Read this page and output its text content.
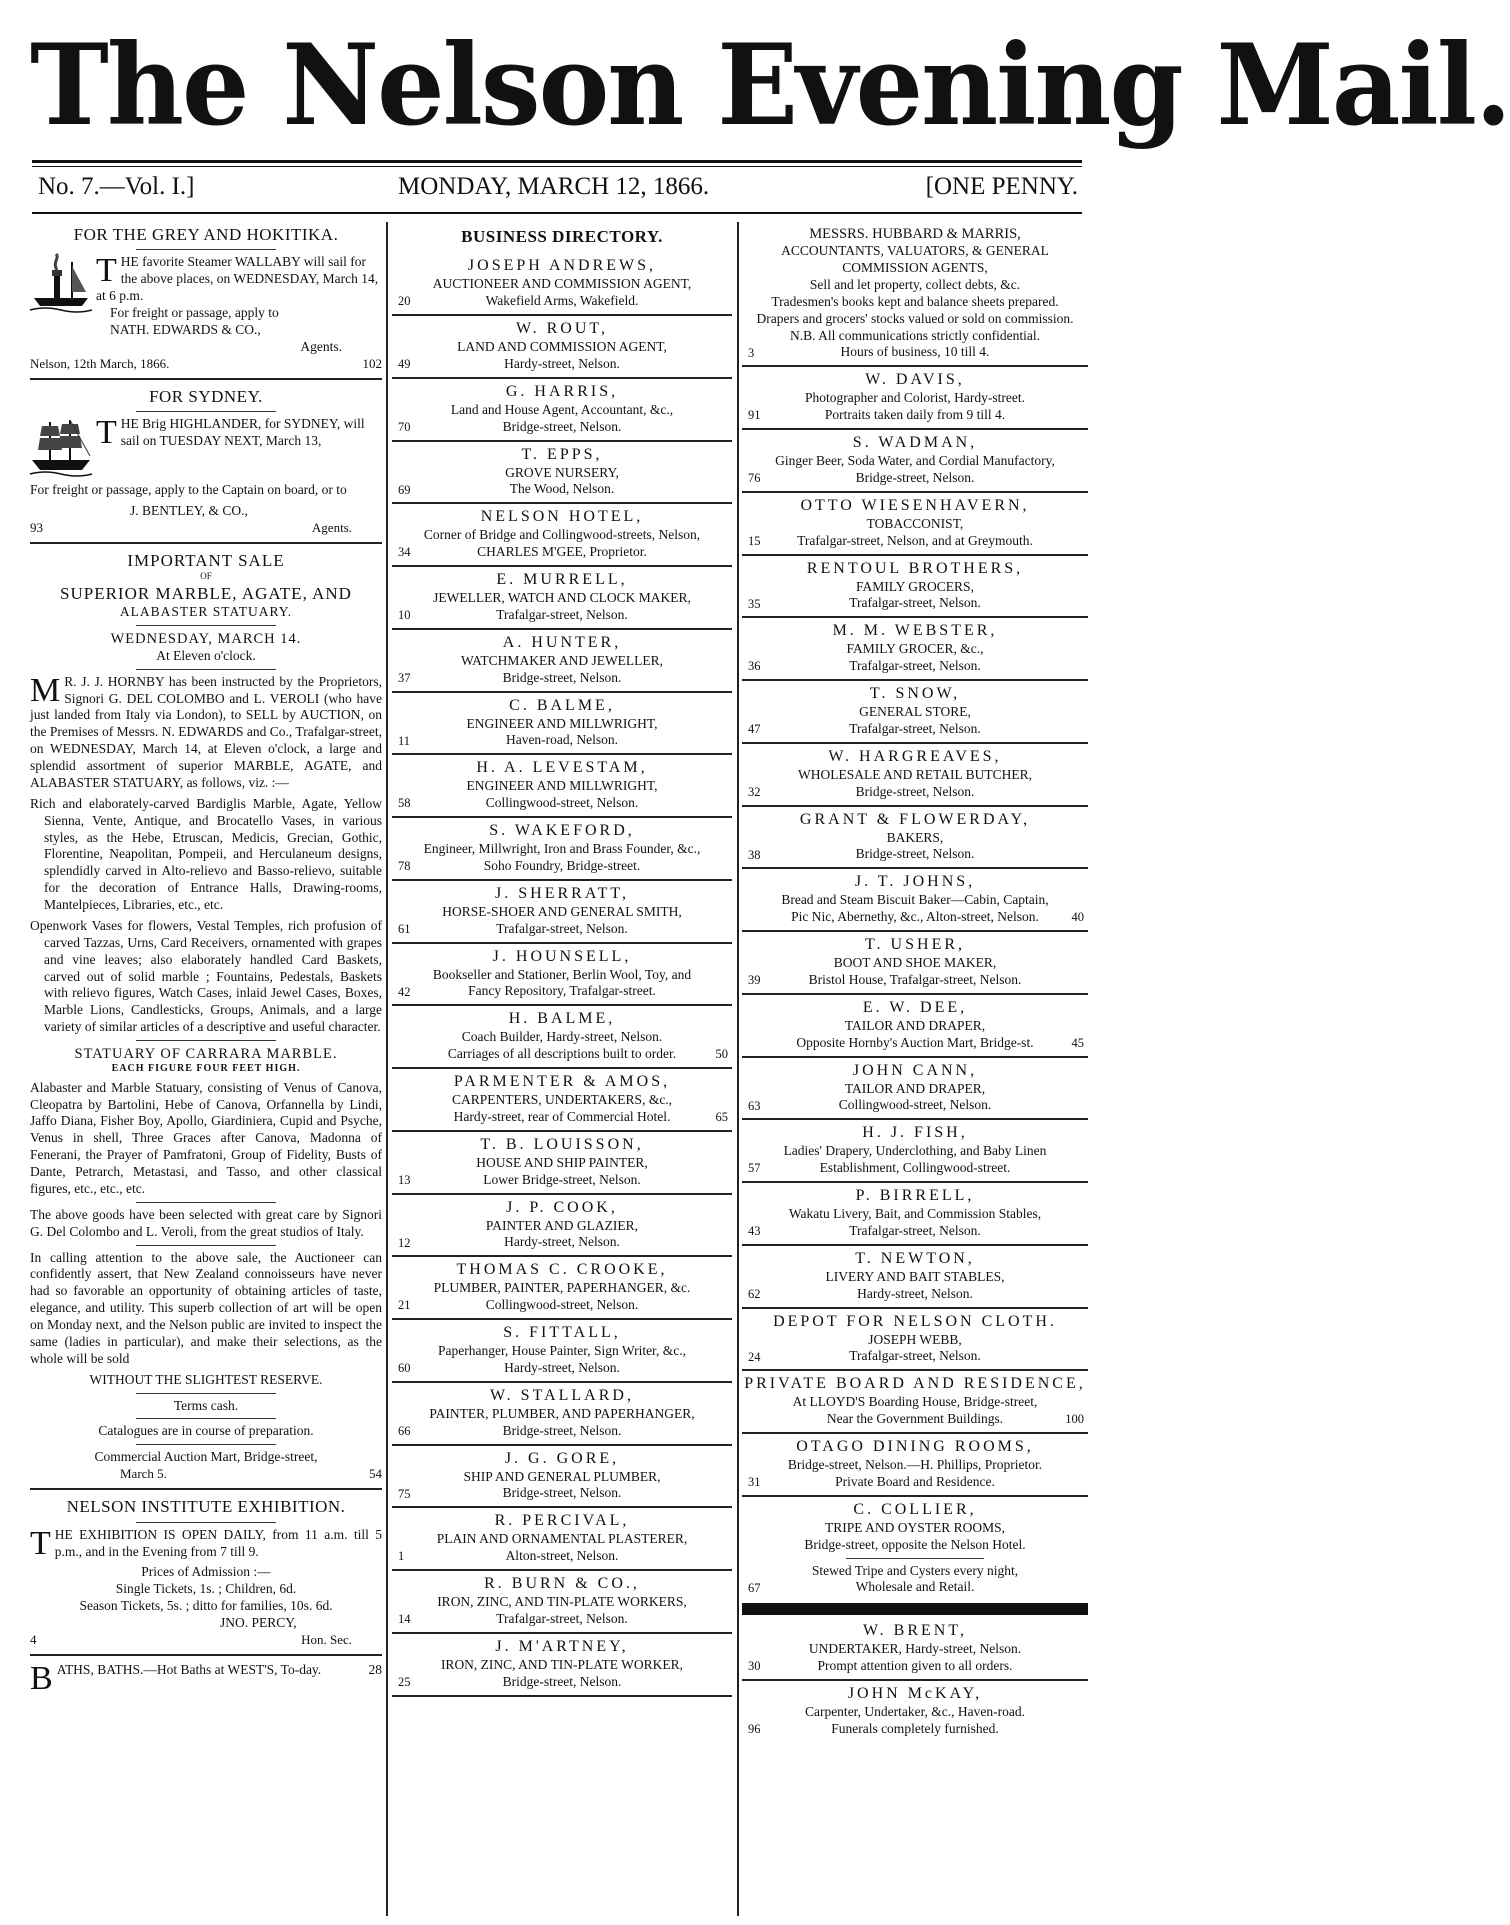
The Nelson Evening Mail.
No. 7.—Vol. I.]	MONDAY, MARCH 12, 1866.	[ONE PENNY.
FOR THE GREY AND HOKITIKA.
T HE favorite Steamer WALLABY will sail for the above places, on WEDNESDAY, March 14, at 6 p.m.
For freight or passage, apply to
NATH. EDWARDS & CO.,
Agents.
Nelson, 12th March, 1866.	102
FOR SYDNEY.
T HE Brig HIGHLANDER, for SYDNEY, will sail on TUESDAY NEXT, March 13,
For freight or passage, apply to the Captain on board, or to
J. BENTLEY, & CO.,
93	Agents.
IMPORTANT SALE
OF
SUPERIOR MARBLE, AGATE, AND
ALABASTER STATUARY.
WEDNESDAY, MARCH 14.
At Eleven o'clock.
M R. J. J. HORNBY has been instructed by the Proprietors, Signori G. DEL COLOMBO and L. VEROLI (who have just landed from Italy via London), to SELL by AUCTION, on the Premises of Messrs. N. EDWARDS and Co., Trafalgar-street, on WEDNESDAY, March 14, at Eleven o'clock, a large and splendid assortment of superior MARBLE, AGATE, and ALABASTER STATUARY, as follows, viz. :—
Rich and elaborately-carved Bardiglis Marble, Agate, Yellow Sienna, Vente, Antique, and Brocatello Vases, in various styles, as the Hebe, Etruscan, Medicis, Grecian, Gothic, Florentine, Neapolitan, Pompeii, and Herculaneum designs, splendidly carved in Alto-relievo and Basso-relievo, suitable for the decoration of Entrance Halls, Drawing-rooms, Mantelpieces, Libraries, etc., etc.
Openwork Vases for flowers, Vestal Temples, rich profusion of carved Tazzas, Urns, Card Receivers, ornamented with grapes and vine leaves; also elaborately handled Card Baskets, carved out of solid marble ; Fountains, Pedestals, Baskets with relievo figures, Watch Cases, inlaid Jewel Cases, Boxes, Marble Lions, Candlesticks, Groups, Animals, and a large variety of similar articles of a descriptive and useful character.
STATUARY OF CARRARA MARBLE.
EACH FIGURE FOUR FEET HIGH.
Alabaster and Marble Statuary, consisting of Venus of Canova, Cleopatra by Bartolini, Hebe of Canova, Orfannella by Lindi, Jaffo Diana, Fisher Boy, Apollo, Giardiniera, Cupid and Psyche, Venus in shell, Three Graces after Canova, Madonna of Fenerani, the Prayer of Pamfratoni, Group of Fidelity, Busts of Dante, Petrarch, Metastasi, and Tasso, and other classical figures, etc., etc., etc.
The above goods have been selected with great care by Signori G. Del Colombo and L. Veroli, from the great studios of Italy.
In calling attention to the above sale, the Auctioneer can confidently assert, that New Zealand connoisseurs have never had so favorable an opportunity of obtaining articles of taste, elegance, and utility. This superb collection of art will be open on Monday next, and the Nelson public are invited to inspect the same (ladies in particular), and make their selections, as the whole will be sold
WITHOUT THE SLIGHTEST RESERVE.
Terms cash.
Catalogues are in course of preparation.
Commercial Auction Mart, Bridge-street,
March 5.	54
NELSON INSTITUTE EXHIBITION.
T HE EXHIBITION IS OPEN DAILY, from 11 a.m. till 5 p.m., and in the Evening from 7 till 9.
Prices of Admission :—
Single Tickets, 1s. ; Children, 6d.
Season Tickets, 5s. ; ditto for families, 10s. 6d.
JNO. PERCY,
4	Hon. Sec.
B ATHS, BATHS.—Hot Baths at WEST'S, To-day.	28
BUSINESS DIRECTORY.
JOSEPH ANDREWS,
AUCTIONEER AND COMMISSION AGENT,
Wakefield Arms, Wakefield.
20
W. ROUT,
LAND AND COMMISSION AGENT,
Hardy-street, Nelson.
49
G. HARRIS,
Land and House Agent, Accountant, &c.,
Bridge-street, Nelson.
70
T. EPPS,
GROVE NURSERY,
The Wood, Nelson.
69
NELSON HOTEL,
Corner of Bridge and Collingwood-streets, Nelson,
CHARLES M'GEE, Proprietor.
34
E. MURRELL,
JEWELLER, WATCH AND CLOCK MAKER,
Trafalgar-street, Nelson.
10
A. HUNTER,
WATCHMAKER AND JEWELLER,
Bridge-street, Nelson.
37
C. BALME,
ENGINEER AND MILLWRIGHT,
Haven-road, Nelson.
11
H. A. LEVESTAM,
ENGINEER AND MILLWRIGHT,
Collingwood-street, Nelson.
58
S. WAKEFORD,
Engineer, Millwright, Iron and Brass Founder, &c.,
Soho Foundry, Bridge-street.
78
J. SHERRATT,
HORSE-SHOER AND GENERAL SMITH,
Trafalgar-street, Nelson.
61
J. HOUNSELL,
Bookseller and Stationer, Berlin Wool, Toy, and
Fancy Repository, Trafalgar-street.
42
H. BALME,
Coach Builder, Hardy-street, Nelson.
Carriages of all descriptions built to order.	50
PARMENTER & AMOS,
CARPENTERS, UNDERTAKERS, &c.,
Hardy-street, rear of Commercial Hotel.	65
T. B. LOUISSON,
HOUSE AND SHIP PAINTER,
Lower Bridge-street, Nelson.
13
J. P. COOK,
PAINTER AND GLAZIER,
Hardy-street, Nelson.
12
THOMAS C. CROOKE,
PLUMBER, PAINTER, PAPERHANGER, &c.
Collingwood-street, Nelson.
21
S. FITTALL,
Paperhanger, House Painter, Sign Writer, &c.,
Hardy-street, Nelson.
60
W. STALLARD,
PAINTER, PLUMBER, AND PAPERHANGER,
Bridge-street, Nelson.
66
J. G. GORE,
SHIP AND GENERAL PLUMBER,
Bridge-street, Nelson.
75
R. PERCIVAL,
PLAIN AND ORNAMENTAL PLASTERER,
Alton-street, Nelson.
1
R. BURN & CO.,
IRON, ZINC, AND TIN-PLATE WORKERS,
Trafalgar-street, Nelson.
14
J. M'ARTNEY,
IRON, ZINC, AND TIN-PLATE WORKER,
Bridge-street, Nelson.
25
MESSRS. HUBBARD & MARRIS,
ACCOUNTANTS, VALUATORS, & GENERAL COMMISSION AGENTS,
Sell and let property, collect debts, &c.
Tradesmen's books kept and balance sheets prepared.
Drapers and grocers' stocks valued or sold on commission.
N.B. All communications strictly confidential.
Hours of business, 10 till 4.
3
W. DAVIS,
Photographer and Colorist, Hardy-street.
Portraits taken daily from 9 till 4.
91
S. WADMAN,
Ginger Beer, Soda Water, and Cordial Manufactory,
Bridge-street, Nelson.
76
OTTO WIESENHAVERN,
TOBACCONIST,
Trafalgar-street, Nelson, and at Greymouth.
15
RENTOUL BROTHERS,
FAMILY GROCERS,
Trafalgar-street, Nelson.
35
M. M. WEBSTER,
FAMILY GROCER, &c.,
Trafalgar-street, Nelson.
36
T. SNOW,
GENERAL STORE,
Trafalgar-street, Nelson.
47
W. HARGREAVES,
WHOLESALE AND RETAIL BUTCHER,
Bridge-street, Nelson.
32
GRANT & FLOWERDAY,
BAKERS,
Bridge-street, Nelson.
38
J. T. JOHNS,
Bread and Steam Biscuit Baker—Cabin, Captain,
Pic Nic, Abernethy, &c., Alton-street, Nelson.	40
T. USHER,
BOOT AND SHOE MAKER,
Bristol House, Trafalgar-street, Nelson.
39
E. W. DEE,
TAILOR AND DRAPER,
Opposite Hornby's Auction Mart, Bridge-st.	45
JOHN CANN,
TAILOR AND DRAPER,
Collingwood-street, Nelson.
63
H. J. FISH,
Ladies' Drapery, Underclothing, and Baby Linen
Establishment, Collingwood-street.
57
P. BIRRELL,
Wakatu Livery, Bait, and Commission Stables,
Trafalgar-street, Nelson.
43
T. NEWTON,
LIVERY AND BAIT STABLES,
Hardy-street, Nelson.
62
DEPOT FOR NELSON CLOTH.
JOSEPH WEBB,
Trafalgar-street, Nelson.
24
PRIVATE BOARD AND RESIDENCE,
At LLOYD'S Boarding House, Bridge-street,
Near the Government Buildings.	100
OTAGO DINING ROOMS,
Bridge-street, Nelson.—H. Phillips, Proprietor.
Private Board and Residence.
31
C. COLLIER,
TRIPE AND OYSTER ROOMS,
Bridge-street, opposite the Nelson Hotel.
Stewed Tripe and Cysters every night,
Wholesale and Retail.
67
W. BRENT,
UNDERTAKER, Hardy-street, Nelson.
Prompt attention given to all orders.
30
JOHN McKAY,
Carpenter, Undertaker, &c., Haven-road.
Funerals completely furnished.
96
